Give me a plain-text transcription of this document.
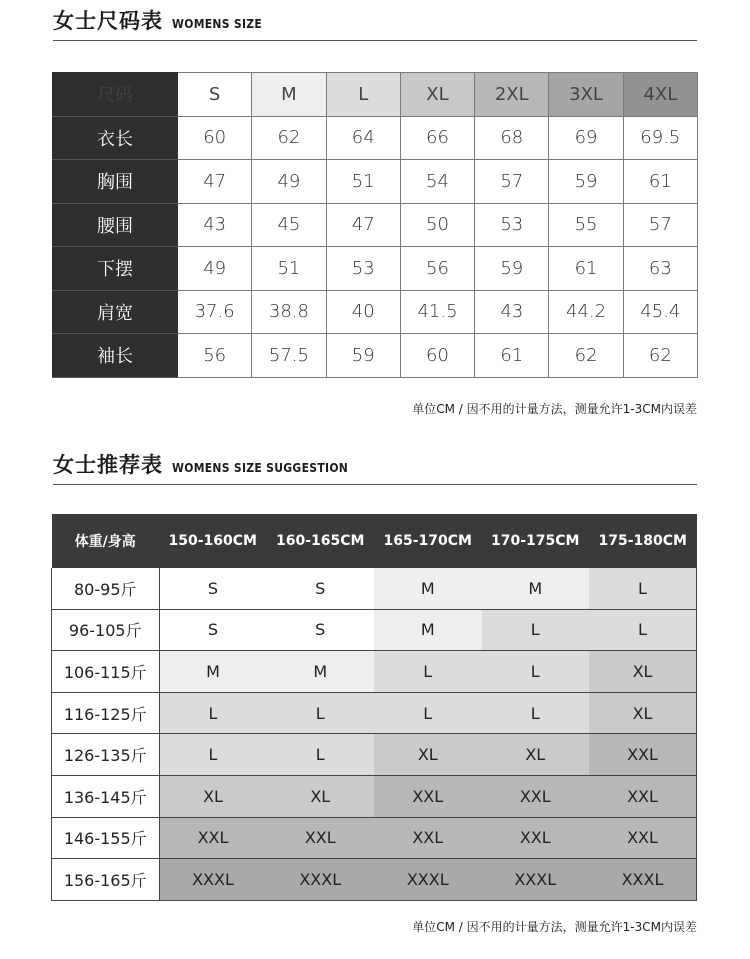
女士尺码表 WOMENS SIZE
尺码	S	M	L	XL	2XL	3XL	4XL
衣长	60	62	64	66	68	69	69.5
胸围	47	49	51	54	57	59	61
腰围	43	45	47	50	53	55	57
下摆	49	51	53	56	59	61	63
肩宽	37.6	38.8	40	41.5	43	44.2	45.4
袖长	56	57.5	59	60	61	62	62
单位CM / 因不用的计量方法，测量允许1-3CM内误差
女士推荐表 WOMENS SIZE SUGGESTION
体重/身高	150-160CM	160-165CM	165-170CM	170-175CM	175-180CM
80-95斤	S	S	M	M	L
96-105斤	S	S	M	L	L
106-115斤	M	M	L	L	XL
116-125斤	L	L	L	L	XL
126-135斤	L	L	XL	XL	XXL
136-145斤	XL	XL	XXL	XXL	XXL
146-155斤	XXL	XXL	XXL	XXL	XXL
156-165斤	XXXL	XXXL	XXXL	XXXL	XXXL
单位CM / 因不用的计量方法，测量允许1-3CM内误差
